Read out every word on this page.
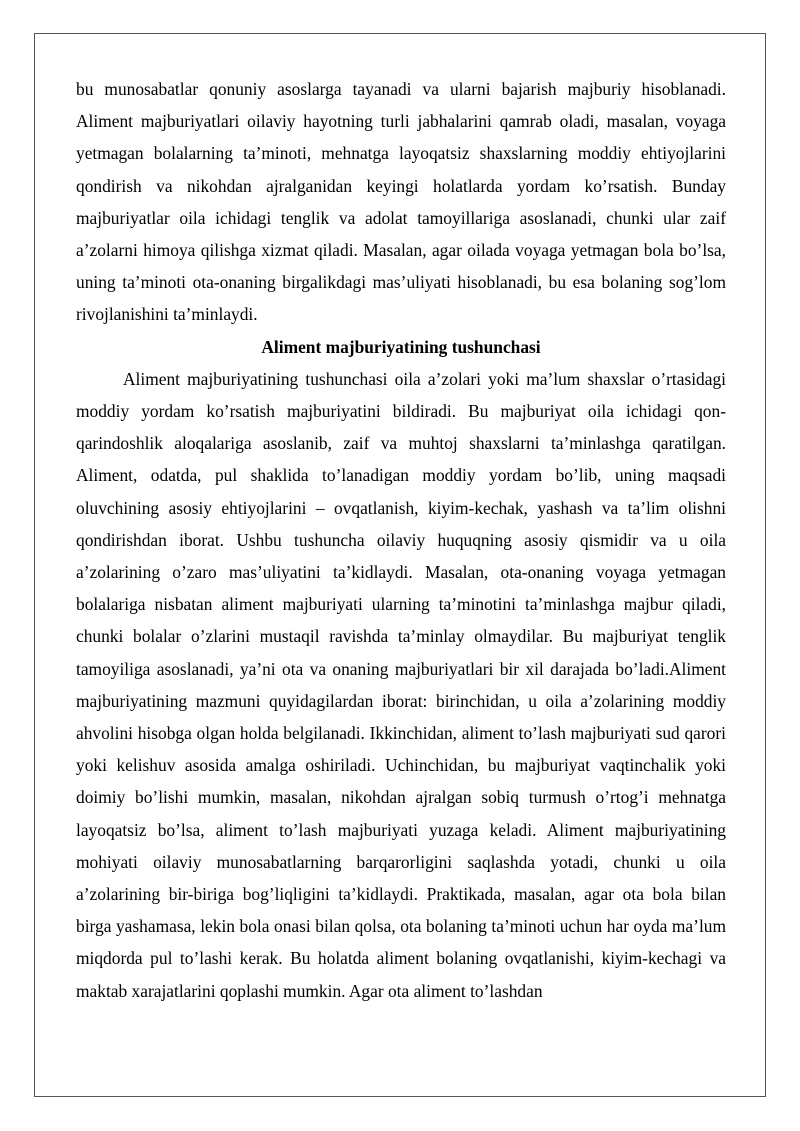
bu munosabatlar qonuniy asoslarga tayanadi va ularni bajarish majburiy hisoblanadi. Aliment majburiyatlari oilaviy hayotning turli jabhalarini qamrab oladi, masalan, voyaga yetmagan bolalarning ta’minoti, mehnatga layoqatsiz shaxslarning moddiy ehtiyojlarini qondirish va nikohdan ajralganidan keyingi holatlarda yordam ko’rsatish. Bunday majburiyatlar oila ichidagi tenglik va adolat tamoyillariga asoslanadi, chunki ular zaif a’zolarni himoya qilishga xizmat qiladi. Masalan, agar oilada voyaga yetmagan bola bo’lsa, uning ta’minoti ota-onaning birgalikdagi mas’uliyati hisoblanadi, bu esa bolaning sog’lom rivojlanishini ta’minlaydi.

Aliment majburiyatining tushunchasi

Aliment majburiyatining tushunchasi oila a’zolari yoki ma’lum shaxslar o’rtasidagi moddiy yordam ko’rsatish majburiyatini bildiradi. Bu majburiyat oila ichidagi qon-qarindoshlik aloqalariga asoslanib, zaif va muhtoj shaxslarni ta’minlashga qaratilgan. Aliment, odatda, pul shaklida to’lanadigan moddiy yordam bo’lib, uning maqsadi oluvchining asosiy ehtiyojlarini – ovqatlanish, kiyim-kechak, yashash va ta’lim olishni qondirishdan iborat. Ushbu tushuncha oilaviy huquqning asosiy qismidir va u oila a’zolarining o’zaro mas’uliyatini ta’kidlaydi. Masalan, ota-onaning voyaga yetmagan bolalariga nisbatan aliment majburiyati ularning ta’minotini ta’minlashga majbur qiladi, chunki bolalar o’zlarini mustaqil ravishda ta’minlay olmaydilar. Bu majburiyat tenglik tamoyiliga asoslanadi, ya’ni ota va onaning majburiyatlari bir xil darajada bo’ladi.Aliment majburiyatining mazmuni quyidagilardan iborat: birinchidan, u oila a’zolarining moddiy ahvolini hisobga olgan holda belgilanadi. Ikkinchidan, aliment to’lash majburiyati sud qarori yoki kelishuv asosida amalga oshiriladi. Uchinchidan, bu majburiyat vaqtinchalik yoki doimiy bo’lishi mumkin, masalan, nikohdan ajralgan sobiq turmush o’rtog’i mehnatga layoqatsiz bo’lsa, aliment to’lash majburiyati yuzaga keladi. Aliment majburiyatining mohiyati oilaviy munosabatlarning barqarorligini saqlashda yotadi, chunki u oila a’zolarining bir-biriga bog’liqligini ta’kidlaydi. Praktikada, masalan, agar ota bola bilan birga yashamasa, lekin bola onasi bilan qolsa, ota bolaning ta’minoti uchun har oyda ma’lum miqdorda pul to’lashi kerak. Bu holatda aliment bolaning ovqatlanishi, kiyim-kechagi va maktab xarajatlarini qoplashi mumkin. Agar ota aliment to’lashdan
